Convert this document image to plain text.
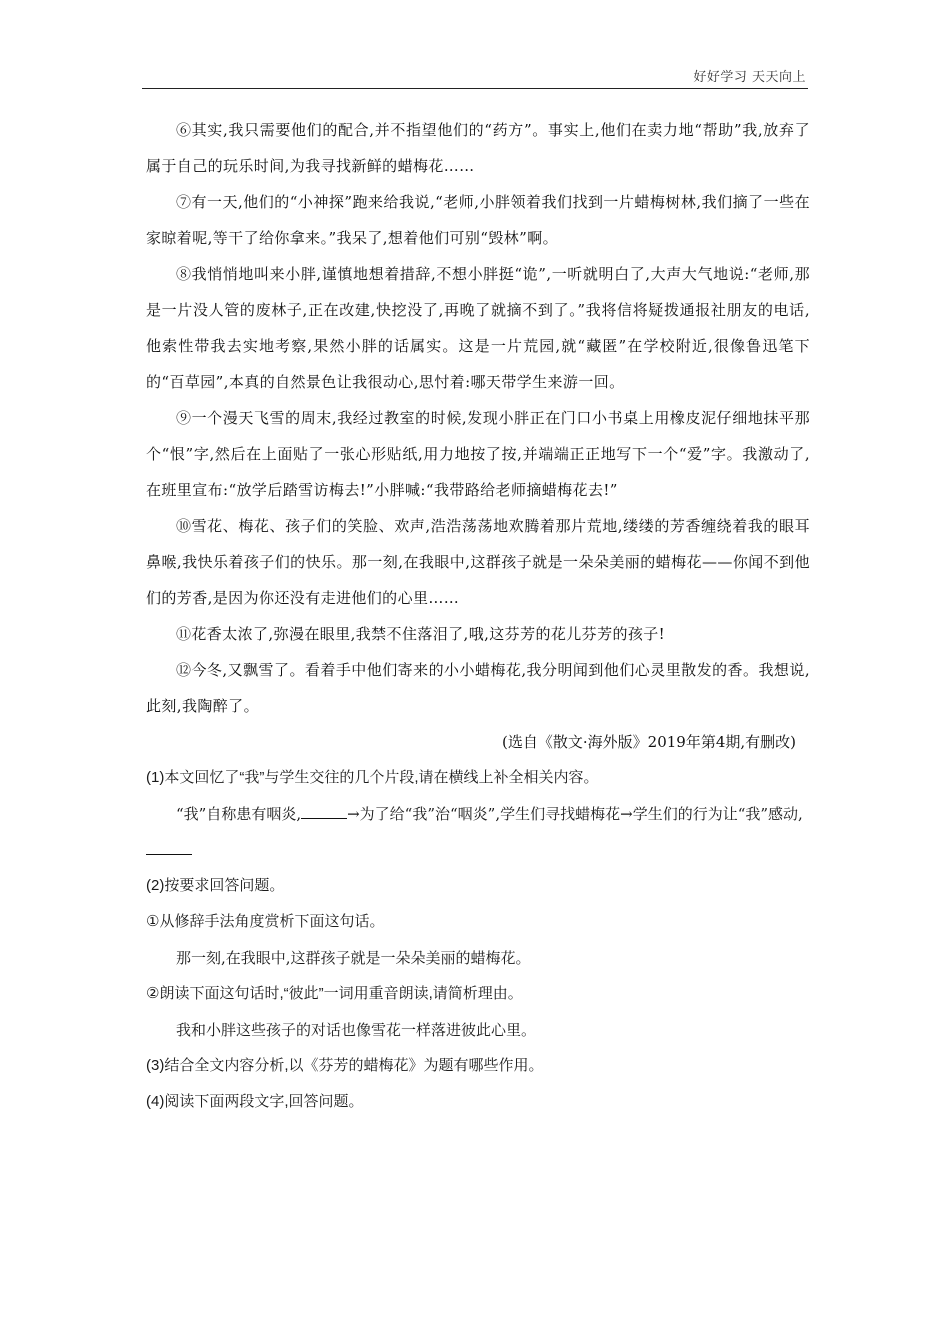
好好学习 天天向上

⑥其实,我只需要他们的配合,并不指望他们的“药方”。事实上,他们在卖力地“帮助”我,放弃了属于自己的玩乐时间,为我寻找新鲜的蜡梅花……

⑦有一天,他们的“小神探”跑来给我说,“老师,小胖领着我们找到一片蜡梅树林,我们摘了一些在家晾着呢,等干了给你拿来。”我呆了,想着他们可别“毁林”啊。

⑧我悄悄地叫来小胖,谨慎地想着措辞,不想小胖挺“诡”,一听就明白了,大声大气地说:“老师,那是一片没人管的废林子,正在改建,快挖没了,再晚了就摘不到了。”我将信将疑拨通报社朋友的电话,他索性带我去实地考察,果然小胖的话属实。这是一片荒园,就“藏匿”在学校附近,很像鲁迅笔下的“百草园”,本真的自然景色让我很动心,思忖着:哪天带学生来游一回。

⑨一个漫天飞雪的周末,我经过教室的时候,发现小胖正在门口小书桌上用橡皮泥仔细地抹平那个“恨”字,然后在上面贴了一张心形贴纸,用力地按了按,并端端正正地写下一个“爱”字。我激动了,在班里宣布:“放学后踏雪访梅去!”小胖喊:“我带路给老师摘蜡梅花去!”

⑩雪花、梅花、孩子们的笑脸、欢声,浩浩荡荡地欢腾着那片荒地,缕缕的芳香缠绕着我的眼耳鼻喉,我快乐着孩子们的快乐。那一刻,在我眼中,这群孩子就是一朵朵美丽的蜡梅花——你闻不到他们的芳香,是因为你还没有走进他们的心里……

⑪花香太浓了,弥漫在眼里,我禁不住落泪了,哦,这芬芳的花儿芬芳的孩子!

⑫今冬,又飘雪了。看着手中他们寄来的小小蜡梅花,我分明闻到他们心灵里散发的香。我想说,此刻,我陶醉了。

(选自《散文·海外版》2019年第4期,有删改)

(1)本文回忆了“我”与学生交往的几个片段,请在横线上补全相关内容。

“我”自称患有咽炎,	→为了给“我”治“咽炎”,学生们寻找蜡梅花→学生们的行为让“我”感动,

(2)按要求回答问题。

①从修辞手法角度赏析下面这句话。

那一刻,在我眼中,这群孩子就是一朵朵美丽的蜡梅花。

②朗读下面这句话时,“彼此”一词用重音朗读,请简析理由。

我和小胖这些孩子的对话也像雪花一样落进彼此心里。

(3)结合全文内容分析,以《芬芳的蜡梅花》为题有哪些作用。

(4)阅读下面两段文字,回答问题。
